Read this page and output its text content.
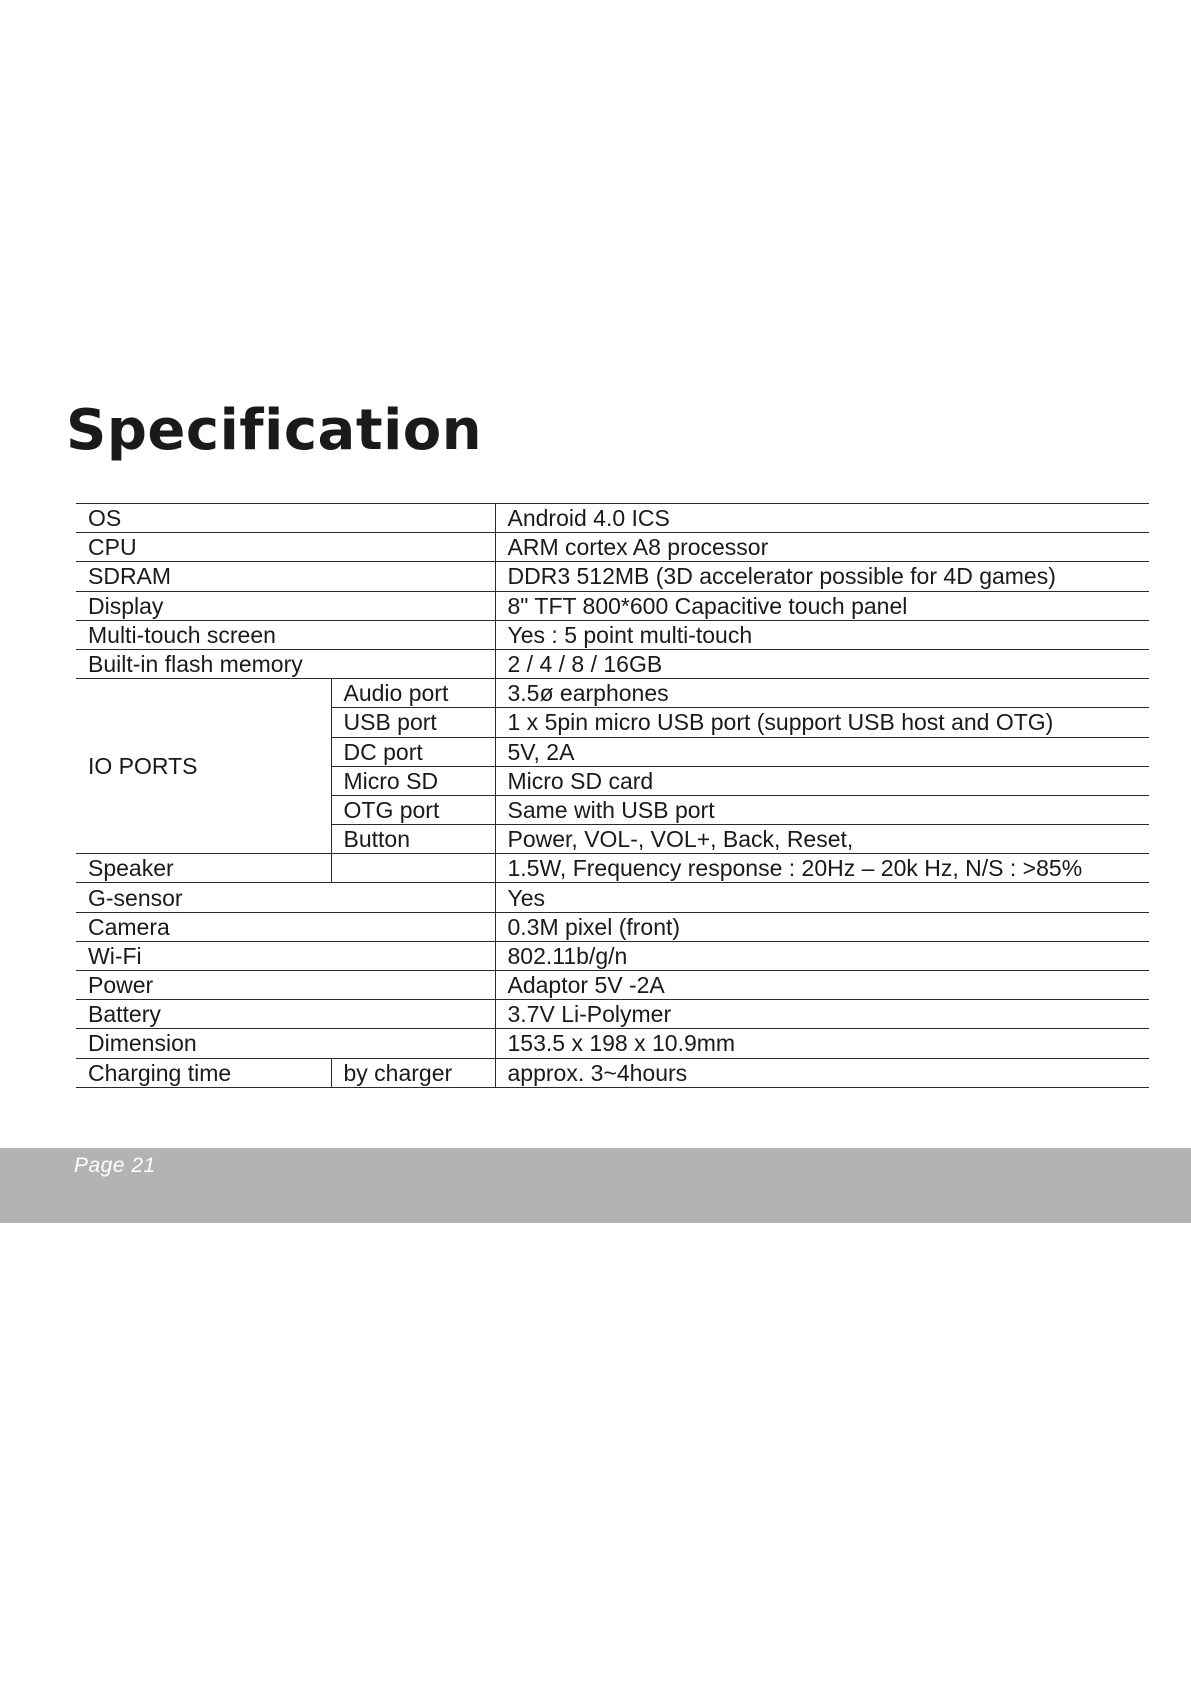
Specification
OS		Android 4.0 ICS
CPU		ARM cortex A8 processor
SDRAM		DDR3 512MB (3D accelerator possible for 4D games)
Display		8" TFT 800*600 Capacitive touch panel
Multi-touch screen		Yes : 5 point multi-touch
Built-in flash memory		2 / 4 / 8 / 16GB
IO PORTS	Audio port	3.5ø earphones
	USB port	1 x 5pin micro USB port (support USB host and OTG)
	DC port	5V, 2A
	Micro SD	Micro SD card
	OTG port	Same with USB port
	Button	Power, VOL-, VOL+, Back, Reset,
Speaker		1.5W, Frequency response : 20Hz – 20k Hz, N/S : >85%
G-sensor		Yes
Camera		0.3M pixel (front)
Wi-Fi		802.11b/g/n
Power		Adaptor 5V -2A
Battery		3.7V Li-Polymer
Dimension		153.5 x 198 x 10.9mm
Charging time	by charger	approx. 3~4hours
Page 21
